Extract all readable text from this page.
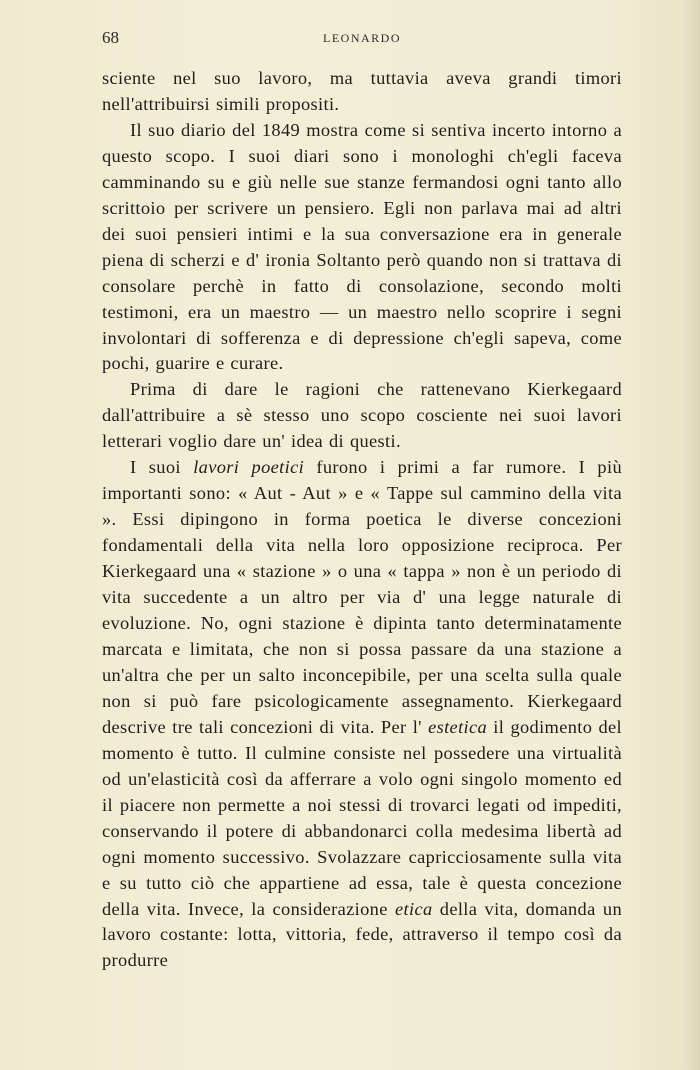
68	LEONARDO

sciente nel suo lavoro, ma tuttavia aveva grandi timori nell'attribuirsi simili propositi.

Il suo diario del 1849 mostra come si sentiva incerto intorno a questo scopo. I suoi diari sono i monologhi ch'egli faceva camminando su e giù nelle sue stanze fermandosi ogni tanto allo scrittoio per scrivere un pensiero. Egli non parlava mai ad altri dei suoi pensieri intimi e la sua conversazione era in generale piena di scherzi e d' ironia Soltanto però quando non si trattava di consolare perchè in fatto di consolazione, secondo molti testimoni, era un maestro — un maestro nello scoprire i segni involontari di sofferenza e di depressione ch'egli sapeva, come pochi, guarire e curare.

Prima di dare le ragioni che rattenevano Kierkegaard dall'attribuire a sè stesso uno scopo cosciente nei suoi lavori letterari voglio dare un' idea di questi.

I suoi lavori poetici furono i primi a far rumore. I più importanti sono: « Aut - Aut » e « Tappe sul cammino della vita ». Essi dipingono in forma poetica le diverse concezioni fondamentali della vita nella loro opposizione reciproca. Per Kierkegaard una « stazione » o una « tappa » non è un periodo di vita succedente a un altro per via d' una legge naturale di evoluzione. No, ogni stazione è dipinta tanto determinatamente marcata e limitata, che non si possa passare da una stazione a un'altra che per un salto inconcepibile, per una scelta sulla quale non si può fare psicologicamente assegnamento. Kierkegaard descrive tre tali concezioni di vita. Per l' estetica il godimento del momento è tutto. Il culmine consiste nel possedere una virtualità od un'elasticità così da afferrare a volo ogni singolo momento ed il piacere non permette a noi stessi di trovarci legati od impediti, conservando il potere di abbandonarci colla medesima libertà ad ogni momento successivo. Svolazzare capricciosamente sulla vita e su tutto ciò che appartiene ad essa, tale è questa concezione della vita. Invece, la considerazione etica della vita, domanda un lavoro costante: lotta, vittoria, fede, attraverso il tempo così da produrre
